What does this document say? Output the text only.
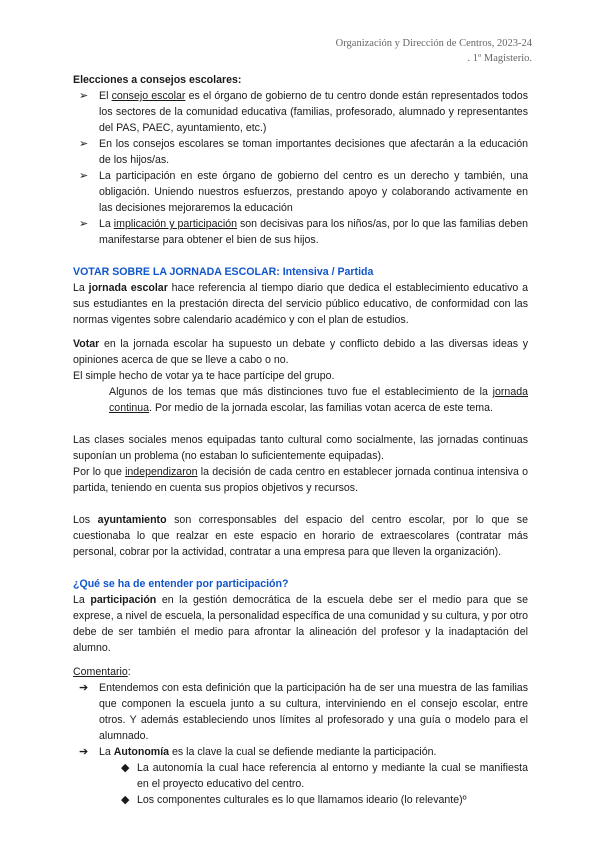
Organización y Dirección de Centros, 2023-24
. 1º Magisterio.

Elecciones a consejos escolares:

➢ El consejo escolar es el órgano de gobierno de tu centro donde están representados todos los sectores de la comunidad educativa (familias, profesorado, alumnado y representantes del PAS, PAEC, ayuntamiento, etc.)
➢ En los consejos escolares se toman importantes decisiones que afectarán a la educación de los hijos/as.
➢ La participación en este órgano de gobierno del centro es un derecho y también, una obligación. Uniendo nuestros esfuerzos, prestando apoyo y colaborando activamente en las decisiones mejoraremos la educación
➢ La implicación y participación son decisivas para los niños/as, por lo que las familias deben manifestarse para obtener el bien de sus hijos.

VOTAR SOBRE LA JORNADA ESCOLAR: Intensiva / Partida

La jornada escolar hace referencia al tiempo diario que dedica el establecimiento educativo a sus estudiantes en la prestación directa del servicio público educativo, de conformidad con las normas vigentes sobre calendario académico y con el plan de estudios.

Votar en la jornada escolar ha supuesto un debate y conflicto debido a las diversas ideas y opiniones acerca de que se lleve a cabo o no.

El simple hecho de votar ya te hace partícipe del grupo.

Algunos de los temas que más distinciones tuvo fue el establecimiento de la jornada continua. Por medio de la jornada escolar, las familias votan acerca de este tema.

Las clases sociales menos equipadas tanto cultural como socialmente, las jornadas continuas suponían un problema (no estaban lo suficientemente equipadas).

Por lo que independizaron la decisión de cada centro en establecer jornada continua intensiva o partida, teniendo en cuenta sus propios objetivos y recursos.

Los ayuntamiento son corresponsables del espacio del centro escolar, por lo que se cuestionaba lo que realzar en este espacio en horario de extraescolares (contratar más personal, cobrar por la actividad, contratar a una empresa para que lleven la organización).

¿Qué se ha de entender por participación?

La participación en la gestión democrática de la escuela debe ser el medio para que se exprese, a nivel de escuela, la personalidad específica de una comunidad y su cultura, y por otro debe de ser también el medio para afrontar la alineación del profesor y la inadaptación del alumno.

Comentario:

➔ Entendemos con esta definición que la participación ha de ser una muestra de las familias que componen la escuela junto a su cultura, interviniendo en el consejo escolar, entre otros. Y además estableciendo unos límites al profesorado y una guía o modelo para el alumnado.
➔ La Autonomía es la clave la cual se defiende mediante la participación.
◆ La autonomía la cual hace referencia al entorno y mediante la cual se manifiesta en el proyecto educativo del centro.
◆ Los componentes culturales es lo que llamamos ideario (lo relevante)º
